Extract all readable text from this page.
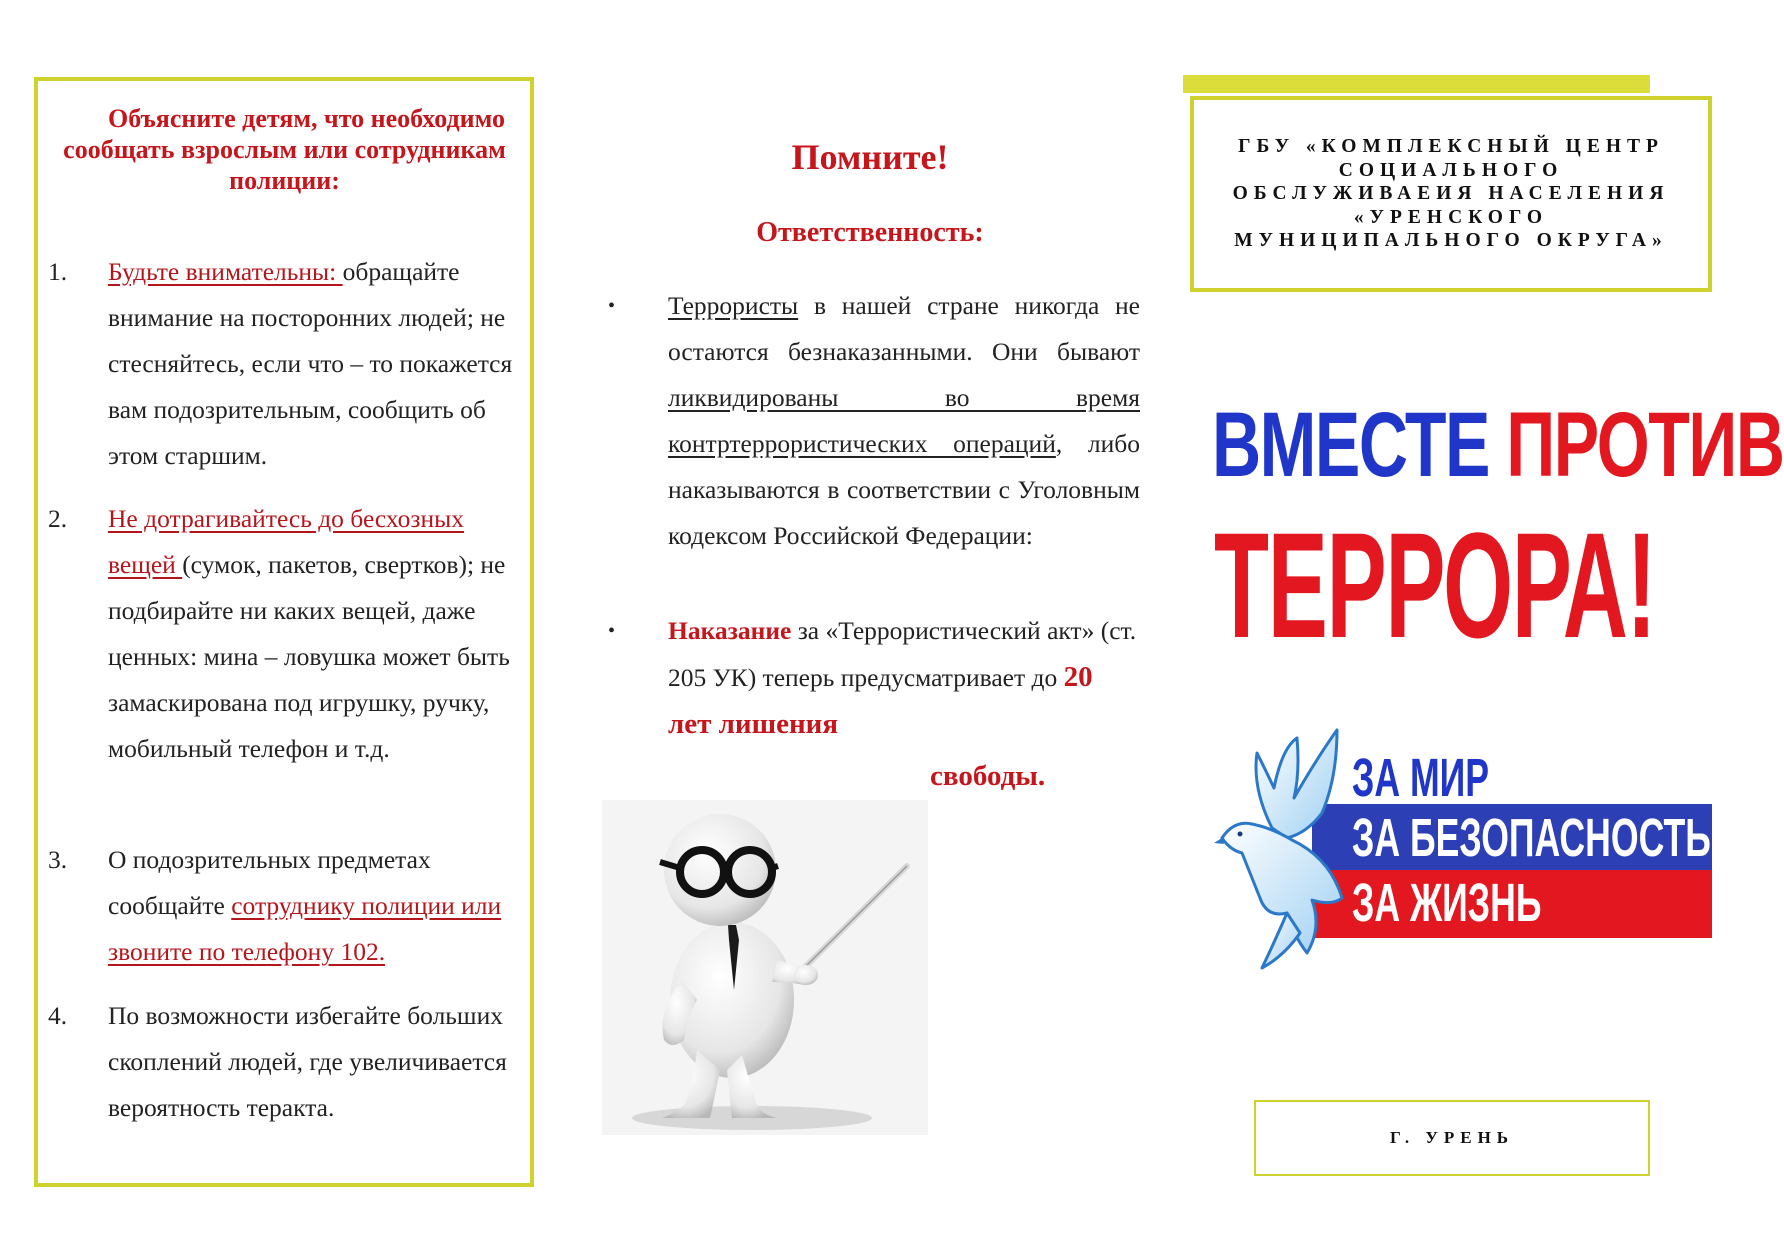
Объясните детям, что необходимо сообщать взрослым или сотрудникам полиции:
1. Будьте внимательны: обращайте внимание на посторонних людей; не стесняйтесь, если что – то покажется вам подозрительным, сообщить об этом старшим.
2. Не дотрагивайтесь до бесхозных вещей (сумок, пакетов, свертков); не подбирайте ни каких вещей, даже ценных: мина – ловушка может быть замаскирована под игрушку, ручку, мобильный телефон и т.д.
3. О подозрительных предметах сообщайте сотруднику полиции или звоните по телефону 102.
4. По возможности избегайте больших скоплений людей, где увеличивается вероятность теракта.
Помните!
Ответственность:
• Террористы в нашей стране никогда не остаются безнаказанными. Они бывают ликвидированы во время контртеррористических операций, либо наказываются в соответствии с Уголовным кодексом Российской Федерации:
• Наказание за «Террористический акт» (ст. 205 УК) теперь предусматривает до 20 лет лишения
свободы.
ГБУ «КОМПЛЕКСНЫЙ ЦЕНТР СОЦИАЛЬНОГО ОБСЛУЖИВАЕИЯ НАСЕЛЕНИЯ «УРЕНСКОГО МУНИЦИПАЛЬНОГО ОКРУГА»
ВМЕСТЕ ПРОТИВ
ТЕРРОРА!
ЗА МИР
ЗА БЕЗОПАСНОСТЬ
ЗА ЖИЗНЬ
Г. УРЕНЬ
